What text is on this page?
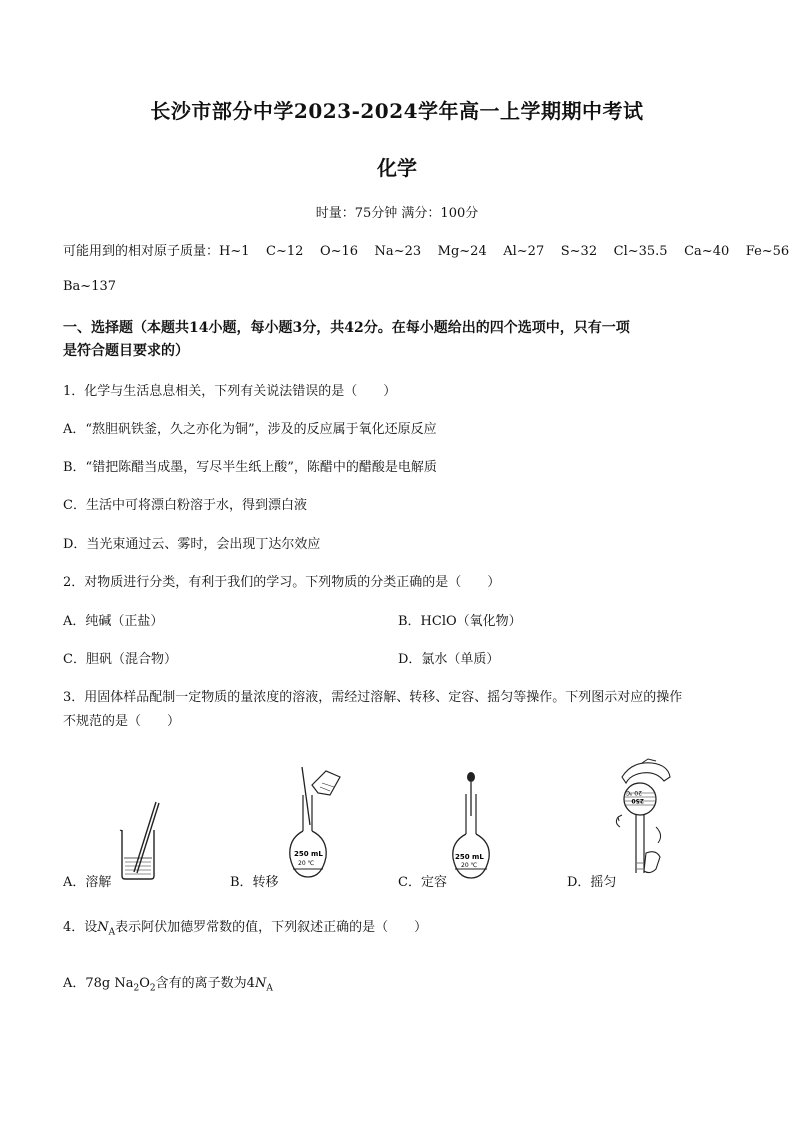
长沙市部分中学2023-2024学年高一上学期期中考试
化学
时量：75分钟 满分：100分
可能用到的相对原子质量：H~1    C~12    O~16    Na~23    Mg~24    Al~27    S~32    Cl~35.5    Ca~40    Fe~56
Ba~137
一、选择题（本题共14小题，每小题3分，共42分。在每小题给出的四个选项中，只有一项
是符合题目要求的）
1．化学与生活息息相关，下列有关说法错误的是（　　）
A．“熬胆矾铁釜，久之亦化为铜”，涉及的反应属于氧化还原反应
B．“错把陈醋当成墨，写尽半生纸上酸”，陈醋中的醋酸是电解质
C．生活中可将漂白粉溶于水，得到漂白液
D．当光束通过云、雾时，会出现丁达尔效应
2．对物质进行分类，有利于我们的学习。下列物质的分类正确的是（　　）
A．纯碱（正盐）	B．HClO（氧化物）
C．胆矾（混合物）	D．氯水（单质）
3．用固体样品配制一定物质的量浓度的溶液，需经过溶解、转移、定容、摇匀等操作。下列图示对应的操作
不规范的是（　　）
A．溶解
250 mL
20 ℃
B．转移
250 mL
20 ℃
C．定容
20 ℃
250
D．摇匀
4．设$N_A$表示阿伏加德罗常数的值，下列叙述正确的是（　　）
A．78g $Na_2O_2$含有的离子数为$4N_A$
